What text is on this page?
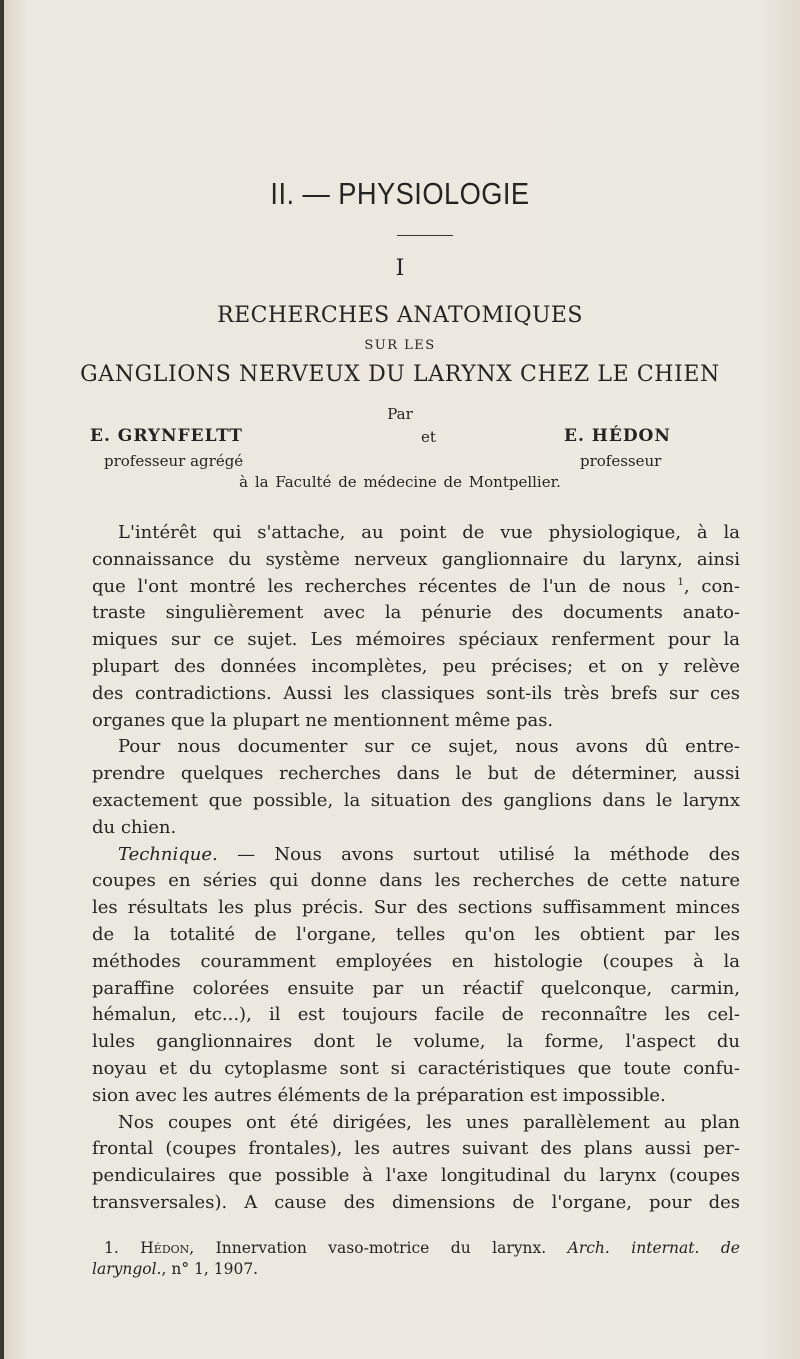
II. — PHYSIOLOGIE
I
RECHERCHES ANATOMIQUES
SUR LES
GANGLIONS NERVEUX DU LARYNX CHEZ LE CHIEN
Par
E. GRYNFELTT	et	E. HÉDON
professeur agrégé	professeur
à la Faculté de médecine de Montpellier.
L'intérêt qui s'attache, au point de vue physiologique, à la
connaissance du système nerveux ganglionnaire du larynx, ainsi
que l'ont montré les recherches récentes de l'un de nous $^1$, con-
traste singulièrement avec la pénurie des documents anato-
miques sur ce sujet. Les mémoires spéciaux renferment pour la
plupart des données incomplètes, peu précises; et on y relève
des contradictions. Aussi les classiques sont-ils très brefs sur ces
organes que la plupart ne mentionnent même pas.
Pour nous documenter sur ce sujet, nous avons dû entre-
prendre quelques recherches dans le but de déterminer, aussi
exactement que possible, la situation des ganglions dans le larynx
du chien.
Technique. — Nous avons surtout utilisé la méthode des
coupes en séries qui donne dans les recherches de cette nature
les résultats les plus précis. Sur des sections suffisamment minces
de la totalité de l'organe, telles qu'on les obtient par les
méthodes couramment employées en histologie (coupes à la
paraffine colorées ensuite par un réactif quelconque, carmin,
hémalun, etc...), il est toujours facile de reconnaître les cel-
lules ganglionnaires dont le volume, la forme, l'aspect du
noyau et du cytoplasme sont si caractéristiques que toute confu-
sion avec les autres éléments de la préparation est impossible.
Nos coupes ont été dirigées, les unes parallèlement au plan
frontal (coupes frontales), les autres suivant des plans aussi per-
pendiculaires que possible à l'axe longitudinal du larynx (coupes
transversales). A cause des dimensions de l'organe, pour des
1. Hédon, Innervation vaso-motrice du larynx. Arch. internat. de
laryngol., n° 1, 1907.
